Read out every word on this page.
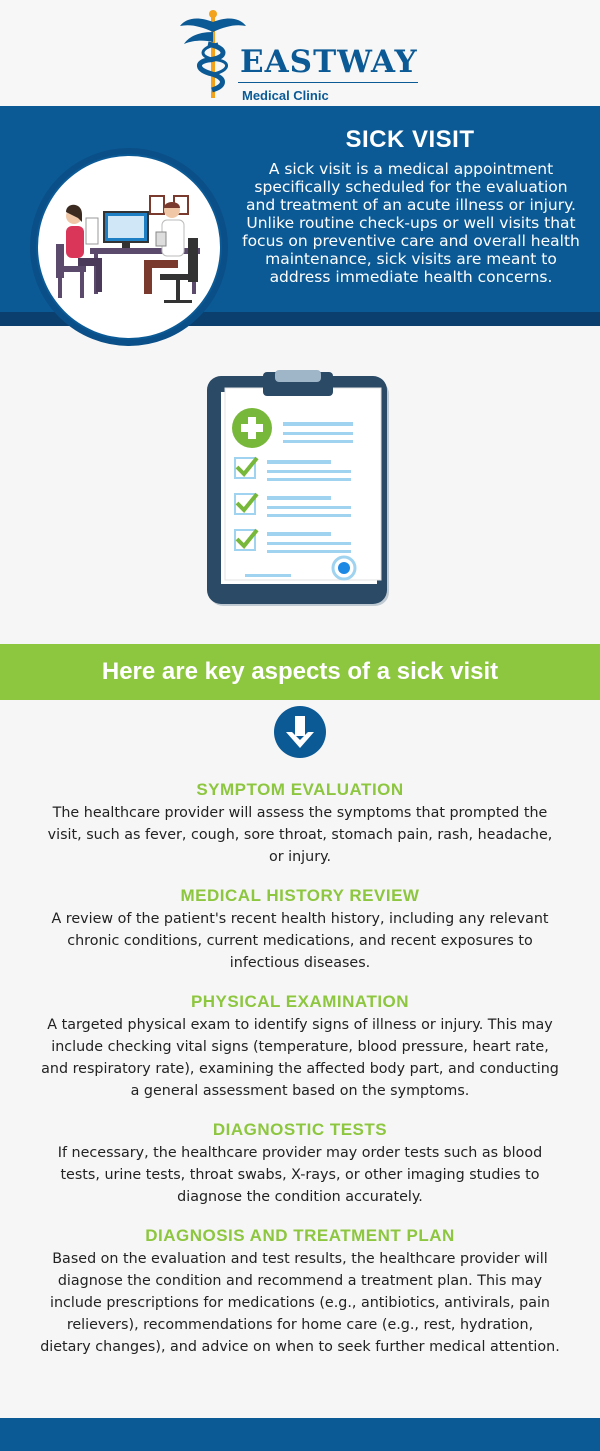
EASTWAY
Medical Clinic
SICK VISIT
A sick visit is a medical appointment specifically scheduled for the evaluation and treatment of an acute illness or injury. Unlike routine check-ups or well visits that focus on preventive care and overall health maintenance, sick visits are meant to address immediate health concerns.
Here are key aspects of a sick visit
SYMPTOM EVALUATION

The healthcare provider will assess the symptoms that prompted the visit, such as fever, cough, sore throat, stomach pain, rash, headache, or injury.

MEDICAL HISTORY REVIEW

A review of the patient's recent health history, including any relevant chronic conditions, current medications, and recent exposures to infectious diseases.

PHYSICAL EXAMINATION

A targeted physical exam to identify signs of illness or injury. This may include checking vital signs (temperature, blood pressure, heart rate, and respiratory rate), examining the affected body part, and conducting a general assessment based on the symptoms.

DIAGNOSTIC TESTS

If necessary, the healthcare provider may order tests such as blood tests, urine tests, throat swabs, X-rays, or other imaging studies to diagnose the condition accurately.

DIAGNOSIS AND TREATMENT PLAN

Based on the evaluation and test results, the healthcare provider will diagnose the condition and recommend a treatment plan. This may include prescriptions for medications (e.g., antibiotics, antivirals, pain relievers), recommendations for home care (e.g., rest, hydration, dietary changes), and advice on when to seek further medical attention.
